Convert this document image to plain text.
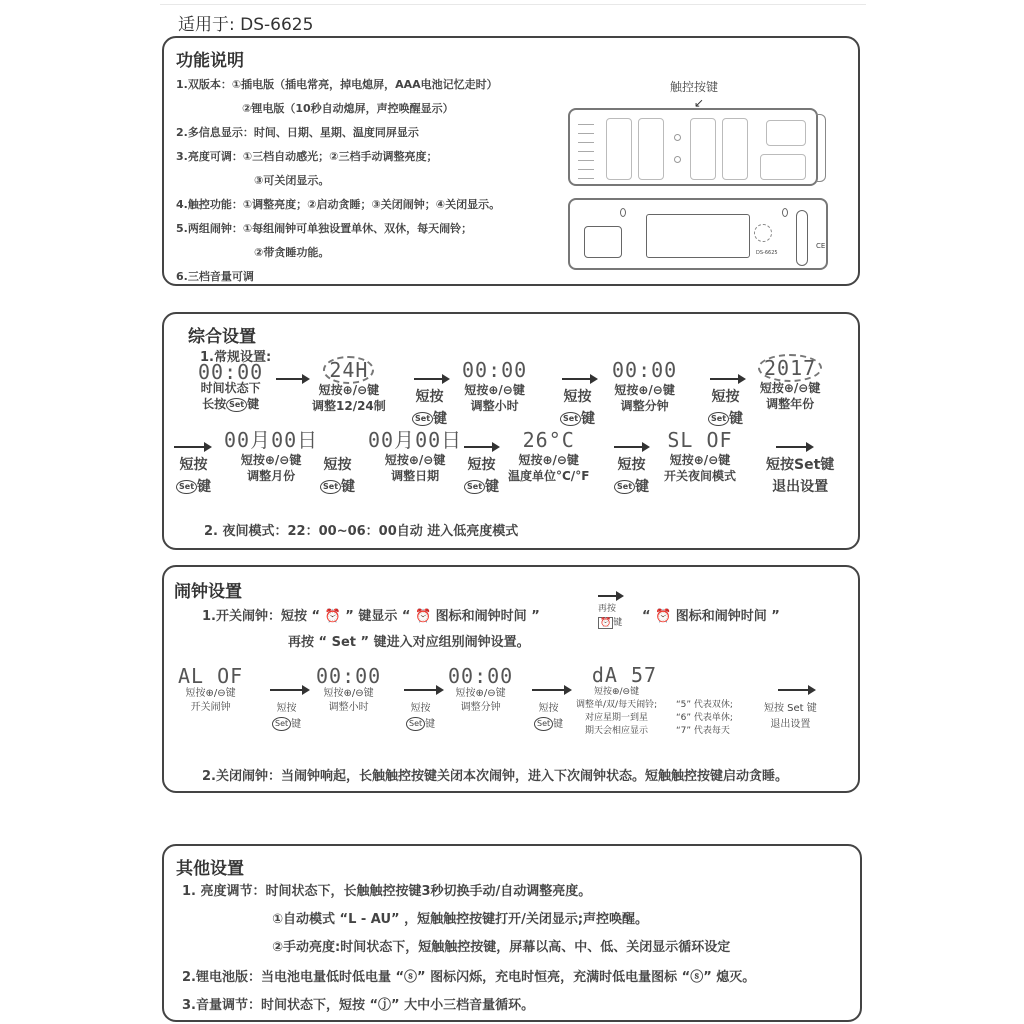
适用于: DS-6625
功能说明
1.双版本：①插电版（插电常亮，掉电熄屏，AAA电池记忆走时）
②锂电版（10秒自动熄屏，声控唤醒显示）
2.多信息显示：时间、日期、星期、温度同屏显示
3.亮度可调：①三档自动感光；②三档手动调整亮度；
③可关闭显示。
4.触控功能：①调整亮度；②启动贪睡；③关闭闹钟；④关闭显示。
5.两组闹钟：①每组闹钟可单独设置单休、双休，每天闹铃；
②带贪睡功能。
6.三档音量可调
触控按键
↙
DS-6625
CE
综合设置
1.常规设置:
00:00
时间状态下
长按 Set 键
24H
短按⊕/⊖键
调整12/24制
短按
Set 键
00:00
短按⊕/⊖键
调整小时
短按
Set 键
00:00
短按⊕/⊖键
调整分钟
短按
Set 键
2017
短按⊕/⊖键
调整年份
短按
Set 键
00月00日
短按⊕/⊖键
调整月份
短按
Set 键
00月00日
短按⊕/⊖键
调整日期
短按
Set 键
26°C
短按⊕/⊖键
温度单位°C/°F
短按
Set 键
SL OF
短按⊕/⊖键
开关夜间模式
短按Set键
退出设置
2. 夜间模式：22：00~06：00自动 进入低亮度模式
闹钟设置
1.开关闹钟：短按 “ ⏰ ” 键显示 “ ⏰ 图标和闹钟时间 ”	再按
⏰ 键 “ ⏰ 图标和闹钟时间 ”
再按 “ Set ” 键进入对应组别闹钟设置。
AL OF
短按⊕/⊖键
开关闹钟	短按
Set 键
00:00
短按⊕/⊖键
调整小时	短按
Set 键
00:00
短按⊕/⊖键
调整分钟	短按
Set 键
dA 57
短按⊕/⊖键
调整单/双/每天闹铃;
对应星期一到星
期天会相应显示
“5” 代表双休;
“6” 代表单休;
“7” 代表每天
短按 Set 键
退出设置
2.关闭闹钟：当闹钟响起，长触触控按键关闭本次闹钟，进入下次闹钟状态。短触触控按键启动贪睡。
其他设置
1. 亮度调节：时间状态下，长触触控按键3秒切换手动/自动调整亮度。
①自动模式 “L - AU” ，短触触控按键打开/关闭显示;声控唤醒。
②手动亮度:时间状态下，短触触控按键，屏幕以高、中、低、关闭显示循环设定
2.锂电池版：当电池电量低时低电量 “ⓢ” 图标闪烁，充电时恒亮，充满时低电量图标 “ⓢ” 熄灭。
3.音量调节：时间状态下，短按 “ⓙ” 大中小三档音量循环。
